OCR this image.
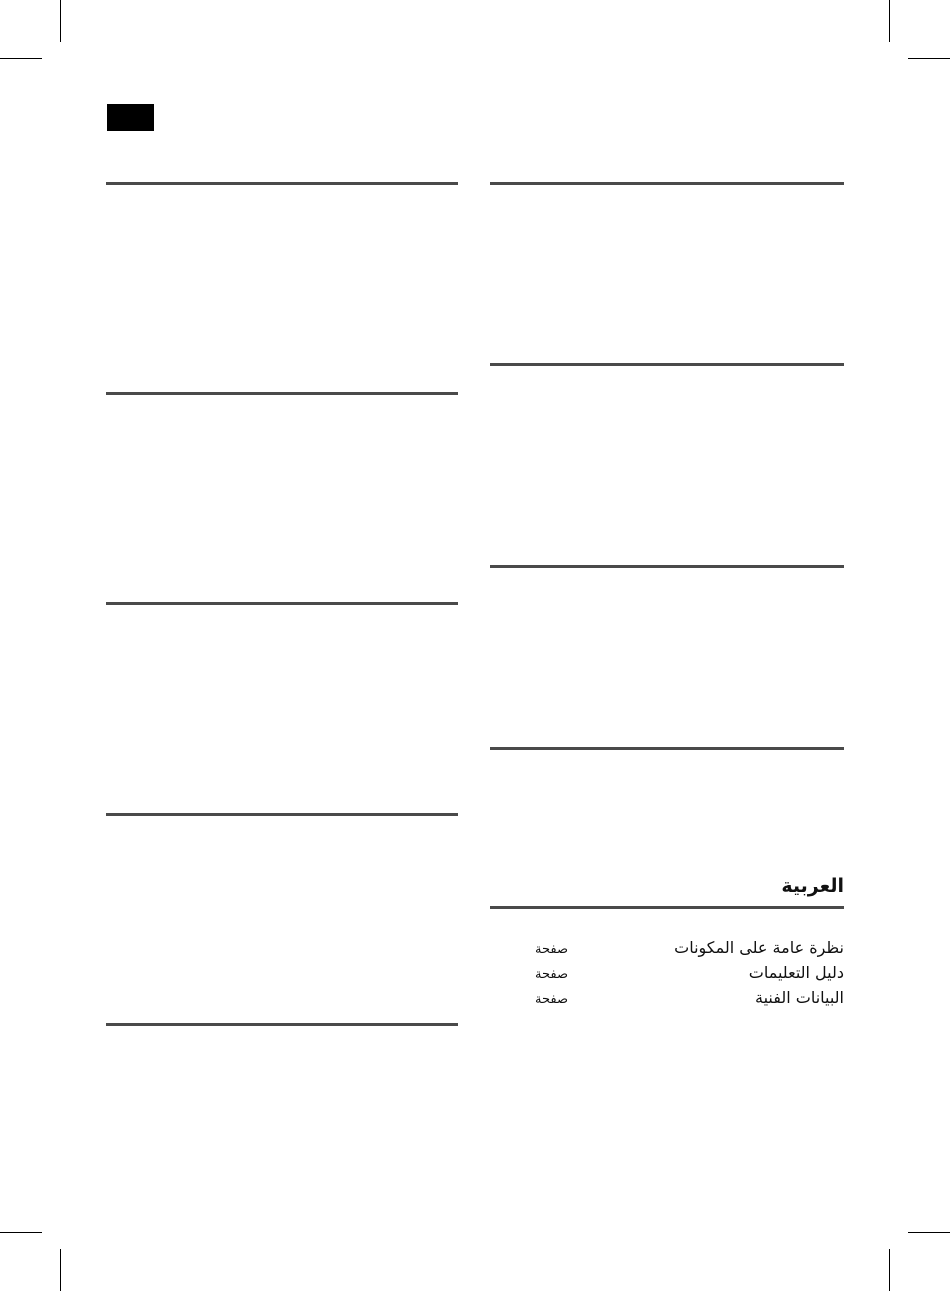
العربية
نظرة عامة على المكونات
صفحة
دليل التعليمات
صفحة
البيانات الفنية
صفحة
